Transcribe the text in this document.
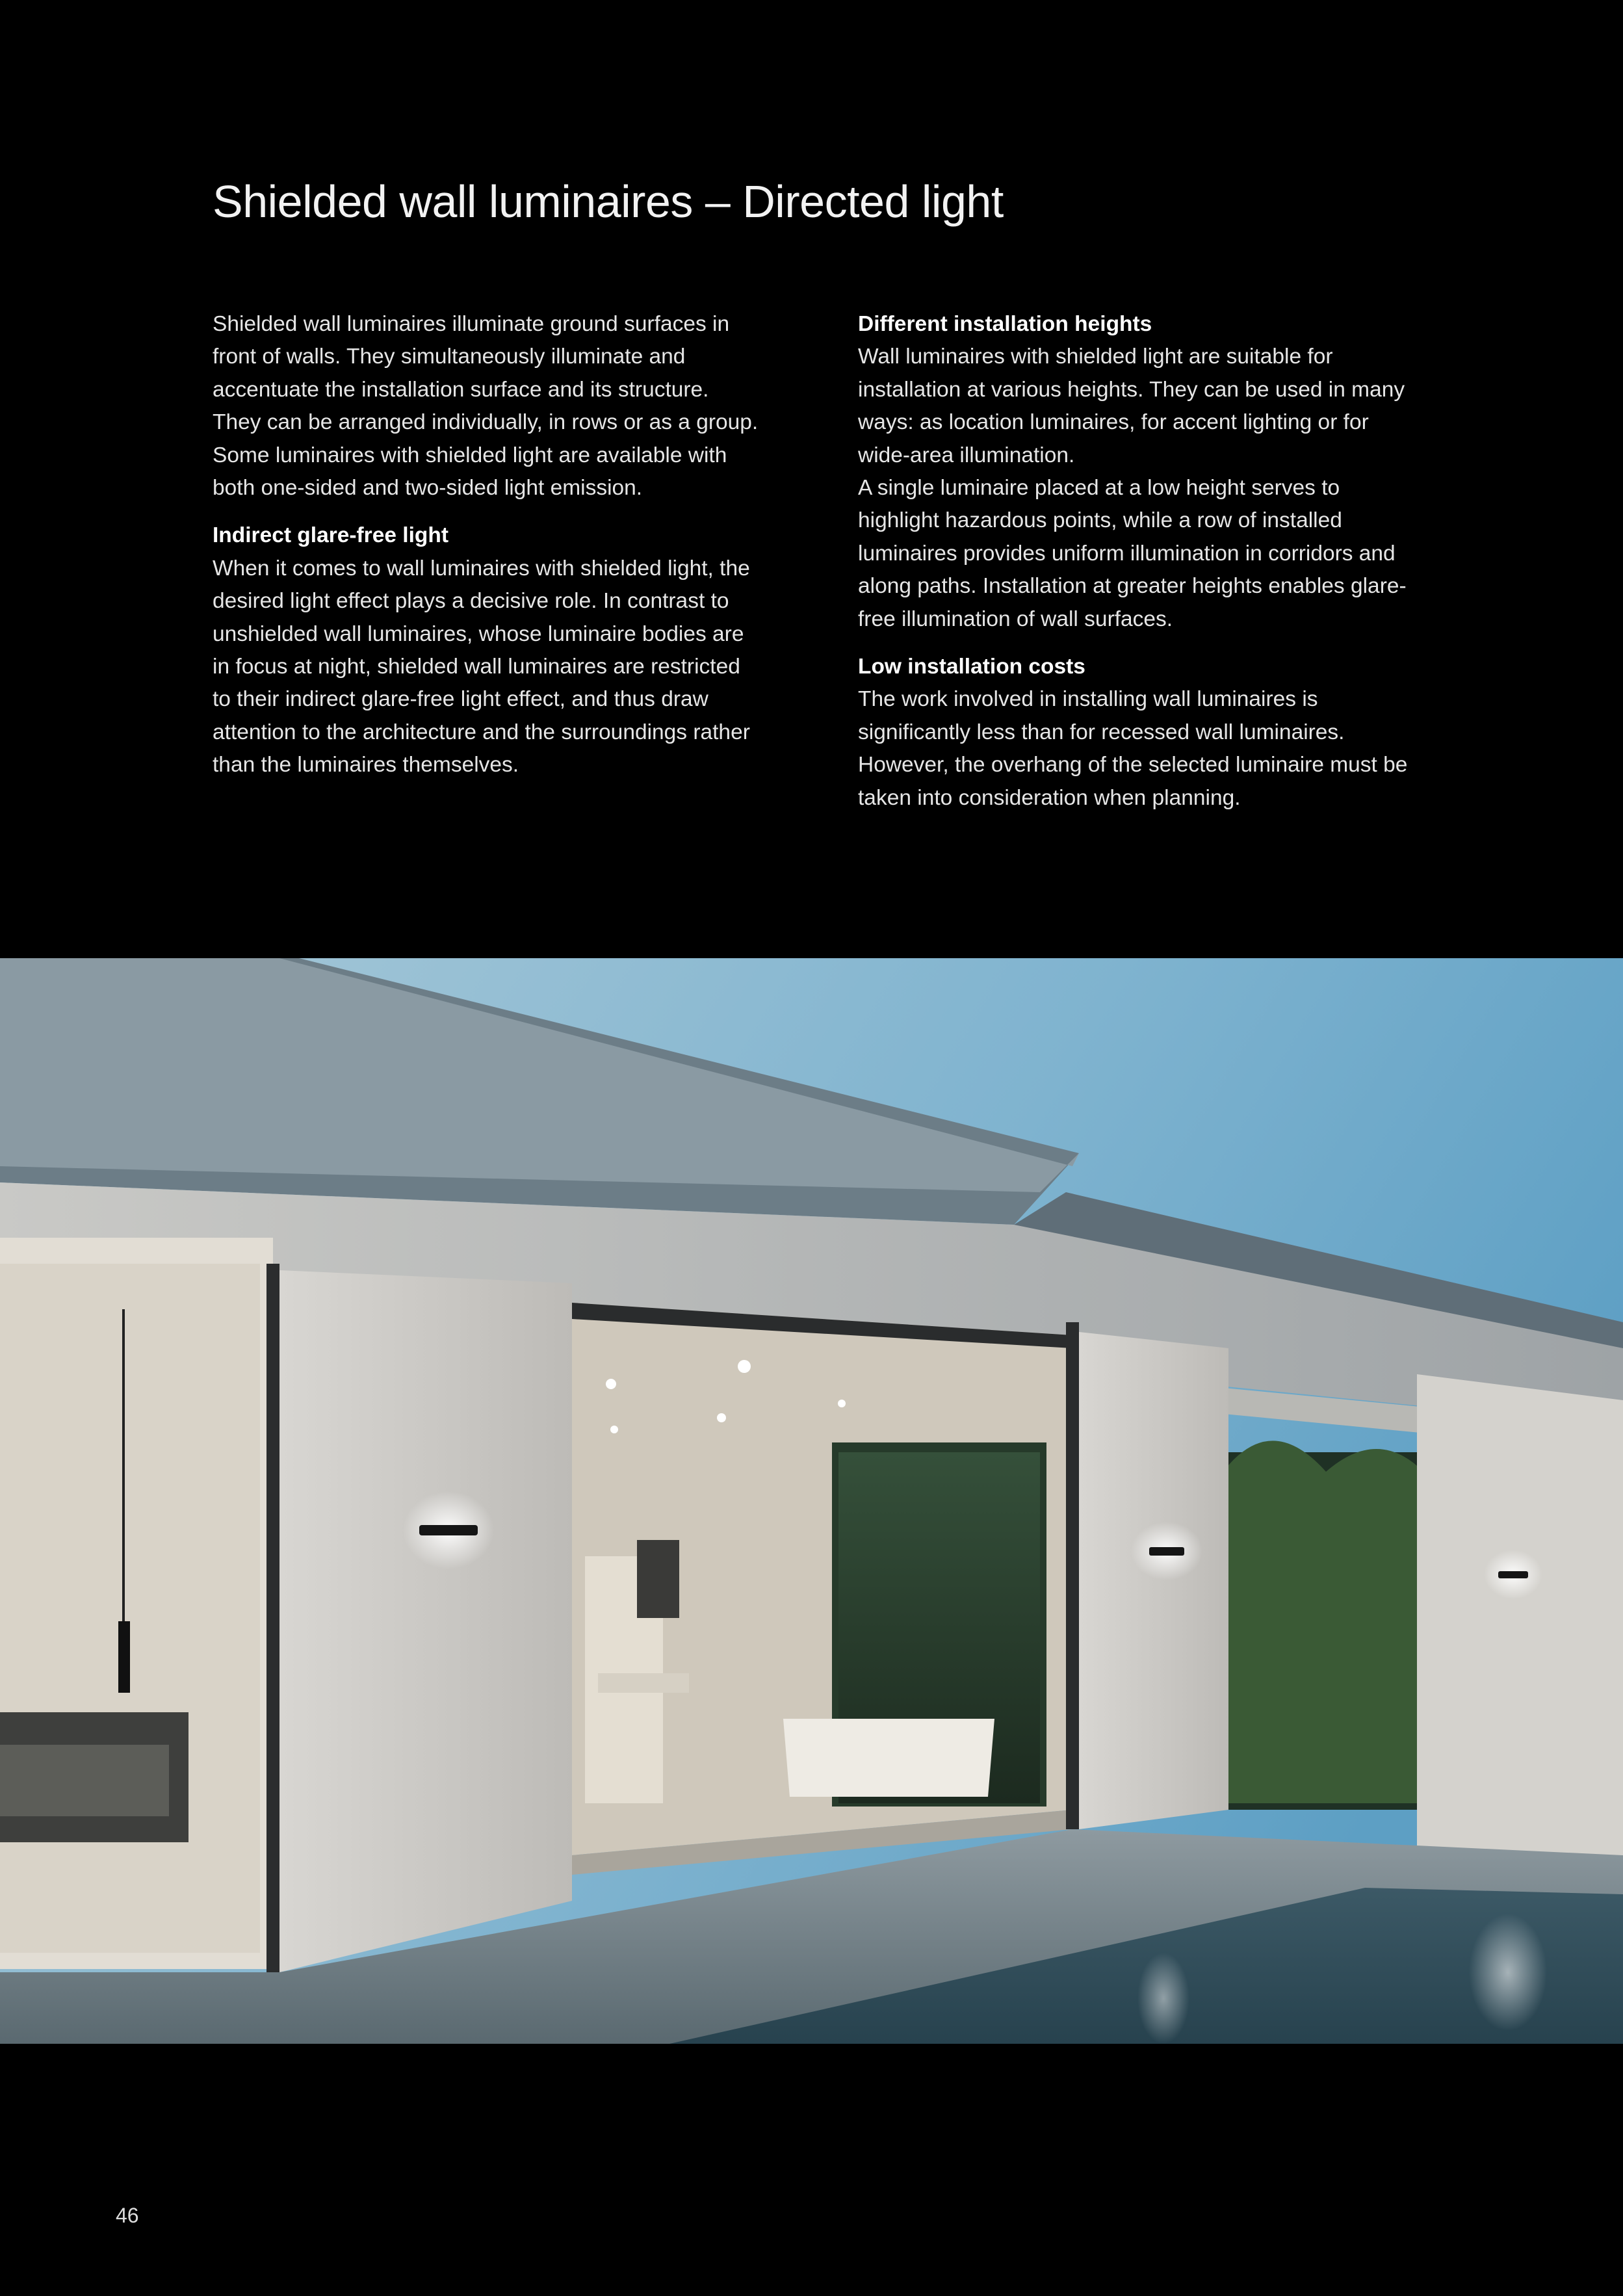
Shielded wall luminaires – Directed light

Shielded wall luminaires illuminate ground surfaces in front of walls. They simultaneously illuminate and accentuate the installation surface and its structure. They can be arranged individually, in rows or as a group. Some luminaires with shielded light are available with both one-sided and two-sided light emission.

Indirect glare-free light

When it comes to wall luminaires with shielded light, the desired light effect plays a decisive role. In contrast to unshielded wall luminaires, whose luminaire bodies are in focus at night, shielded wall luminaires are restricted to their indirect glare-free light effect, and thus draw attention to the architecture and the surroundings rather than the luminaires themselves.

Different installation heights

Wall luminaires with shielded light are suitable for installation at various heights. They can be used in many ways: as location luminaires, for accent lighting or for wide-area illumination.

A single luminaire placed at a low height serves to highlight hazardous points, while a row of installed luminaires provides uniform illumination in corridors and along paths. Installation at greater heights enables glare-free illumination of wall surfaces.

Low installation costs

The work involved in installing wall luminaires is significantly less than for recessed wall luminaires. However, the overhang of the selected luminaire must be taken into consideration when planning.

46
